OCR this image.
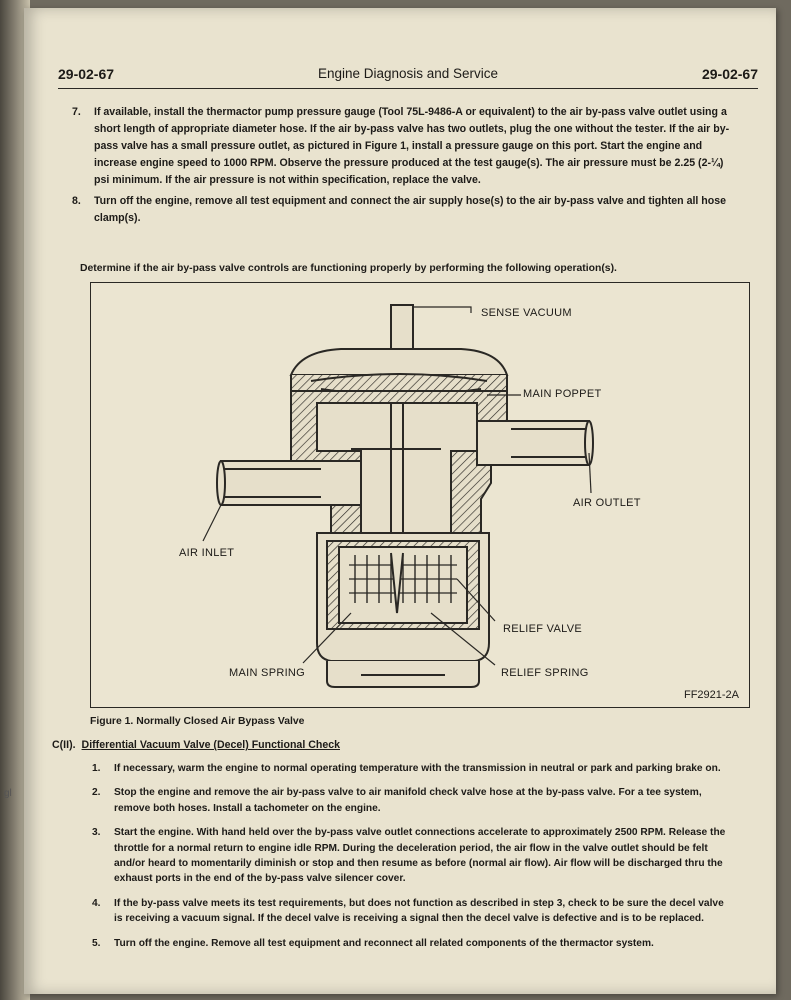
gl
29-02-67	Engine Diagnosis and Service	29-02-67
7. If available, install the thermactor pump pressure gauge (Tool 75L-9486-A or equivalent) to the air by-pass valve outlet using a short length of appropriate diameter hose. If the air by-pass valve has two outlets, plug the one without the tester. If the air by-pass valve has a small pressure outlet, as pictured in Figure 1, install a pressure gauge on this port. Start the engine and increase engine speed to 1000 RPM. Observe the pressure produced at the test gauge(s). The air pressure must be 2.25 (2-¼) psi minimum. If the air pressure is not within specification, replace the valve.
8. Turn off the engine, remove all test equipment and connect the air supply hose(s) to the air by-pass valve and tighten all hose clamp(s).
Determine if the air by-pass valve controls are functioning properly by performing the following operation(s).
SENSE VACUUM
MAIN POPPET
AIR OUTLET
AIR INLET
RELIEF VALVE
MAIN SPRING	RELIEF SPRING
FF2921-2A
Figure 1. Normally Closed Air Bypass Valve
C(II). Differential Vacuum Valve (Decel) Functional Check
1. If necessary, warm the engine to normal operating temperature with the transmission in neutral or park and parking brake on.
2. Stop the engine and remove the air by-pass valve to air manifold check valve hose at the by-pass valve. For a tee system, remove both hoses. Install a tachometer on the engine.
3. Start the engine. With hand held over the by-pass valve outlet connections accelerate to approximately 2500 RPM. Release the throttle for a normal return to engine idle RPM. During the deceleration period, the air flow in the valve outlet should be felt and/or heard to momentarily diminish or stop and then resume as before (normal air flow). Air flow will be discharged thru the exhaust ports in the end of the by-pass valve silencer cover.
4. If the by-pass valve meets its test requirements, but does not function as described in step 3, check to be sure the decel valve is receiving a vacuum signal. If the decel valve is receiving a signal then the decel valve is defective and is to be replaced.
5. Turn off the engine. Remove all test equipment and reconnect all related components of the thermactor system.
